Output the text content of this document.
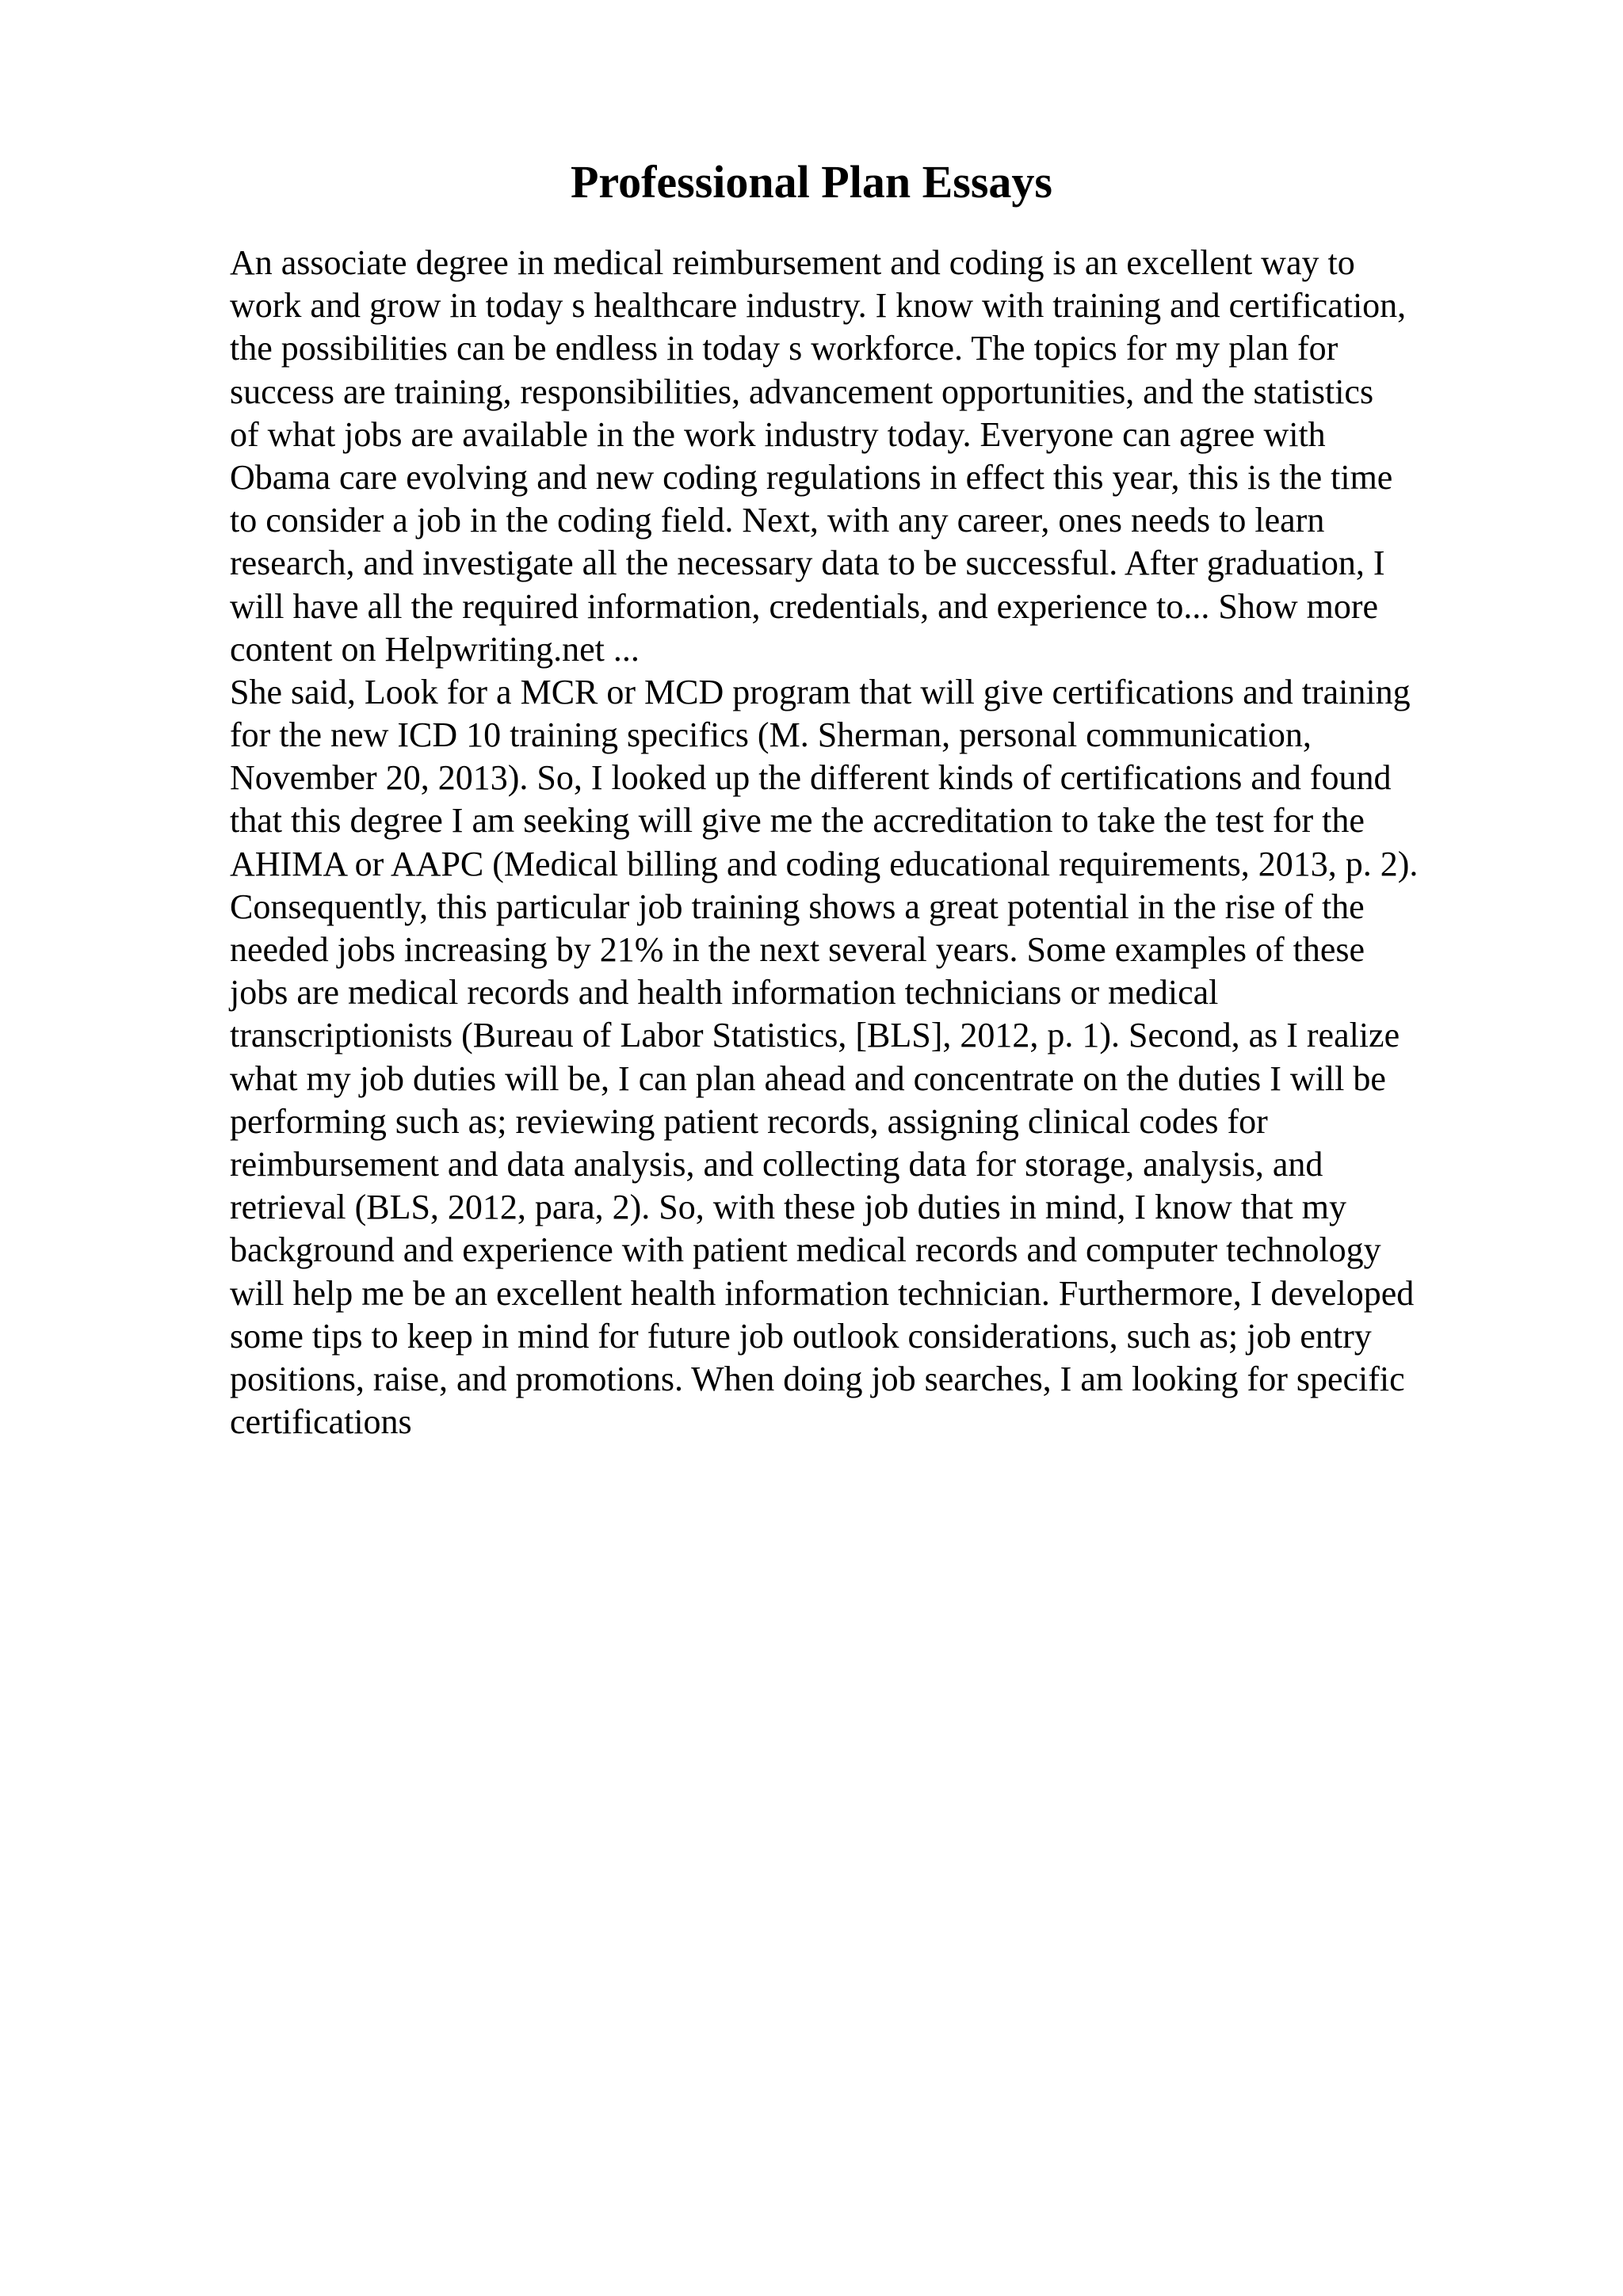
Professional Plan Essays
An associate degree in medical reimbursement and coding is an excellent way to
work and grow in today s healthcare industry. I know with training and certification,
the possibilities can be endless in today s workforce. The topics for my plan for
success are training, responsibilities, advancement opportunities, and the statistics
of what jobs are available in the work industry today. Everyone can agree with
Obama care evolving and new coding regulations in effect this year, this is the time
to consider a job in the coding field. Next, with any career, ones needs to learn
research, and investigate all the necessary data to be successful. After graduation, I
will have all the required information, credentials, and experience to... Show more
content on Helpwriting.net ...
She said, Look for a MCR or MCD program that will give certifications and training
for the new ICD 10 training specifics (M. Sherman, personal communication,
November 20, 2013). So, I looked up the different kinds of certifications and found
that this degree I am seeking will give me the accreditation to take the test for the
AHIMA or AAPC (Medical billing and coding educational requirements, 2013, p. 2).
Consequently, this particular job training shows a great potential in the rise of the
needed jobs increasing by 21% in the next several years. Some examples of these
jobs are medical records and health information technicians or medical
transcriptionists (Bureau of Labor Statistics, [BLS], 2012, p. 1). Second, as I realize
what my job duties will be, I can plan ahead and concentrate on the duties I will be
performing such as; reviewing patient records, assigning clinical codes for
reimbursement and data analysis, and collecting data for storage, analysis, and
retrieval (BLS, 2012, para, 2). So, with these job duties in mind, I know that my
background and experience with patient medical records and computer technology
will help me be an excellent health information technician. Furthermore, I developed
some tips to keep in mind for future job outlook considerations, such as; job entry
positions, raise, and promotions. When doing job searches, I am looking for specific
certifications
